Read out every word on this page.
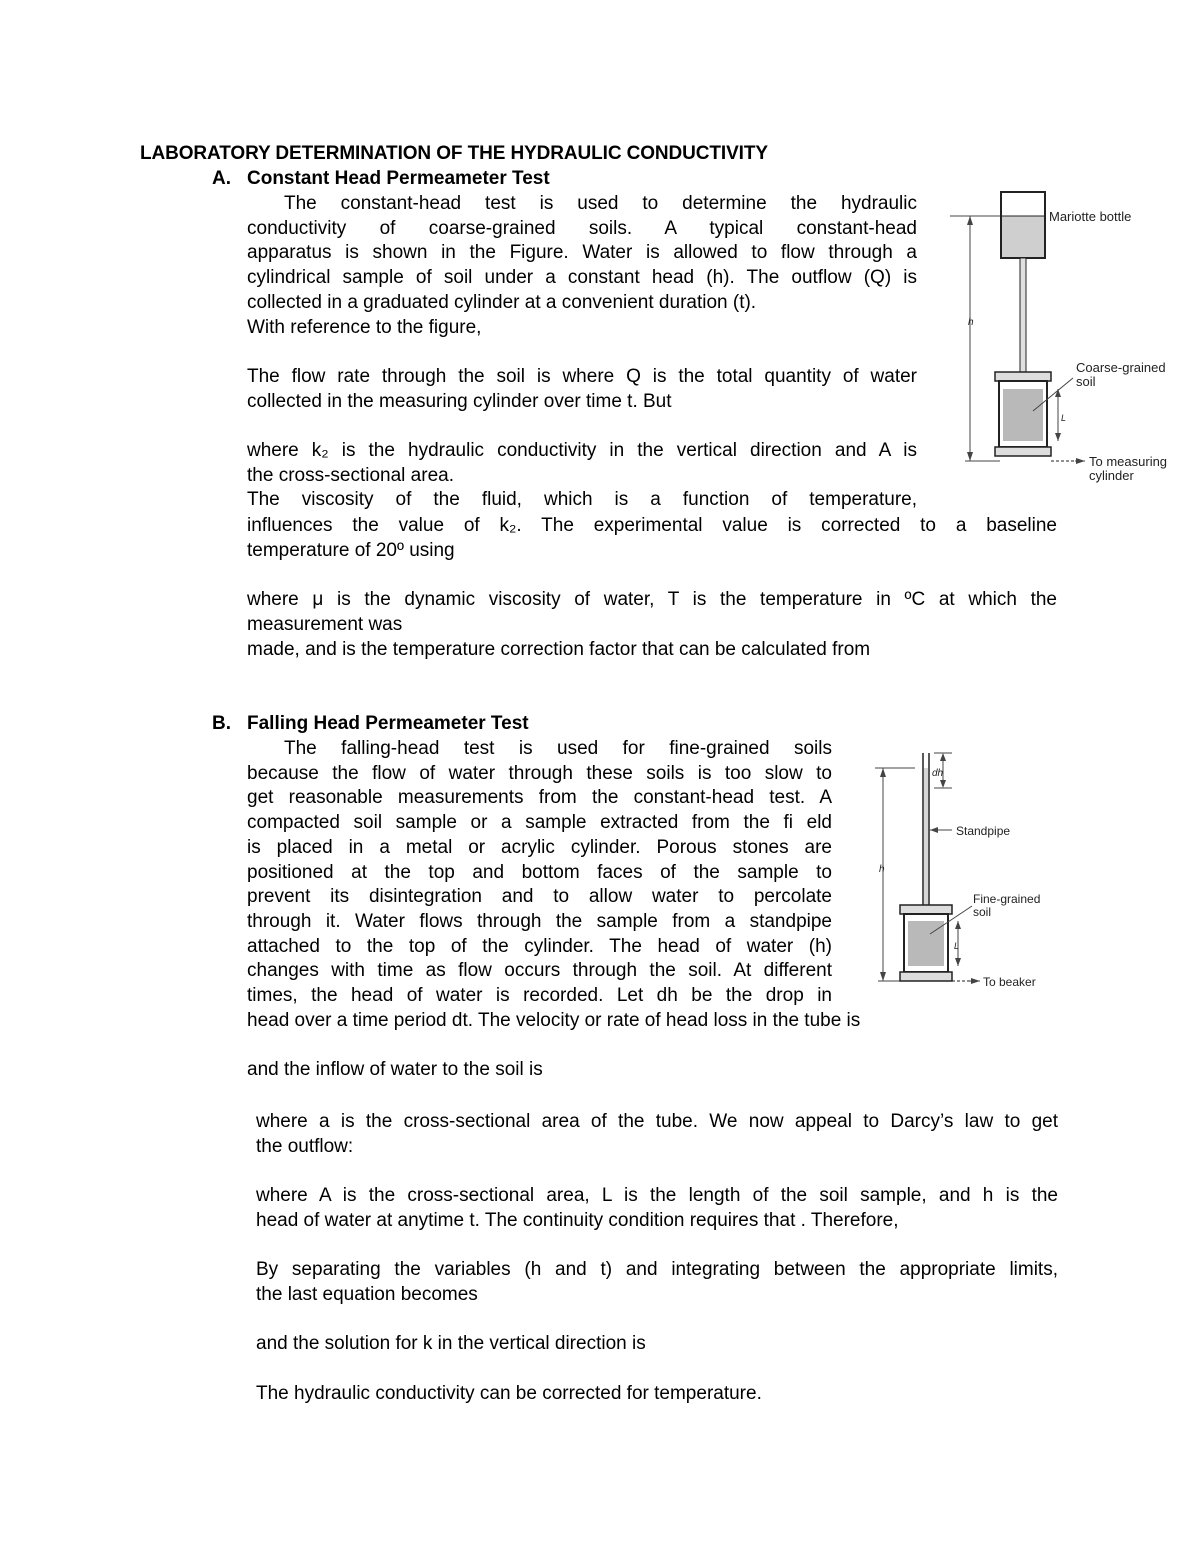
LABORATORY DETERMINATION OF THE HYDRAULIC CONDUCTIVITY
A. Constant Head Permeameter Test
The constant-head test is used to determine the hydraulic
conductivity of coarse-grained soils. A typical constant-head
apparatus is shown in the Figure. Water is allowed to flow through a
cylindrical sample of soil under a constant head (h). The outflow (Q) is
collected in a graduated cylinder at a convenient duration (t).
With reference to the figure,

The flow rate through the soil is where Q is the total quantity of water
collected in the measuring cylinder over time t. But

where k₂ is the hydraulic conductivity in the vertical direction and A is
the cross-sectional area.
The viscosity of the fluid, which is a function of temperature,
influences the value of k₂. The experimental value is corrected to a baseline
temperature of 20º using

where μ is the dynamic viscosity of water, T is the temperature in ºC at which the
measurement was
made, and is the temperature correction factor that can be calculated from
h
L
Mariotte bottle
Coarse-grained
soil
To measuring
cylinder
B. Falling Head Permeameter Test
The falling-head test is used for fine-grained soils
because the flow of water through these soils is too slow to
get reasonable measurements from the constant-head test. A
compacted soil sample or a sample extracted from the fi eld
is placed in a metal or acrylic cylinder. Porous stones are
positioned at the top and bottom faces of the sample to
prevent its disintegration and to allow water to percolate
through it. Water flows through the sample from a standpipe
attached to the top of the cylinder. The head of water (h)
changes with time as flow occurs through the soil. At different
times, the head of water is recorded. Let dh be the drop in
head over a time period dt. The velocity or rate of head loss in the tube is

and the inflow of water to the soil is
where a is the cross-sectional area of the tube. We now appeal to Darcy’s law to get
the outflow:

where A is the cross-sectional area, L is the length of the soil sample, and h is the
head of water at anytime t. The continuity condition requires that . Therefore,

By separating the variables (h and t) and integrating between the appropriate limits,
the last equation becomes

and the solution for k in the vertical direction is

The hydraulic conductivity can be corrected for temperature.
h
dh
L
Standpipe
Fine-grained
soil
To beaker
